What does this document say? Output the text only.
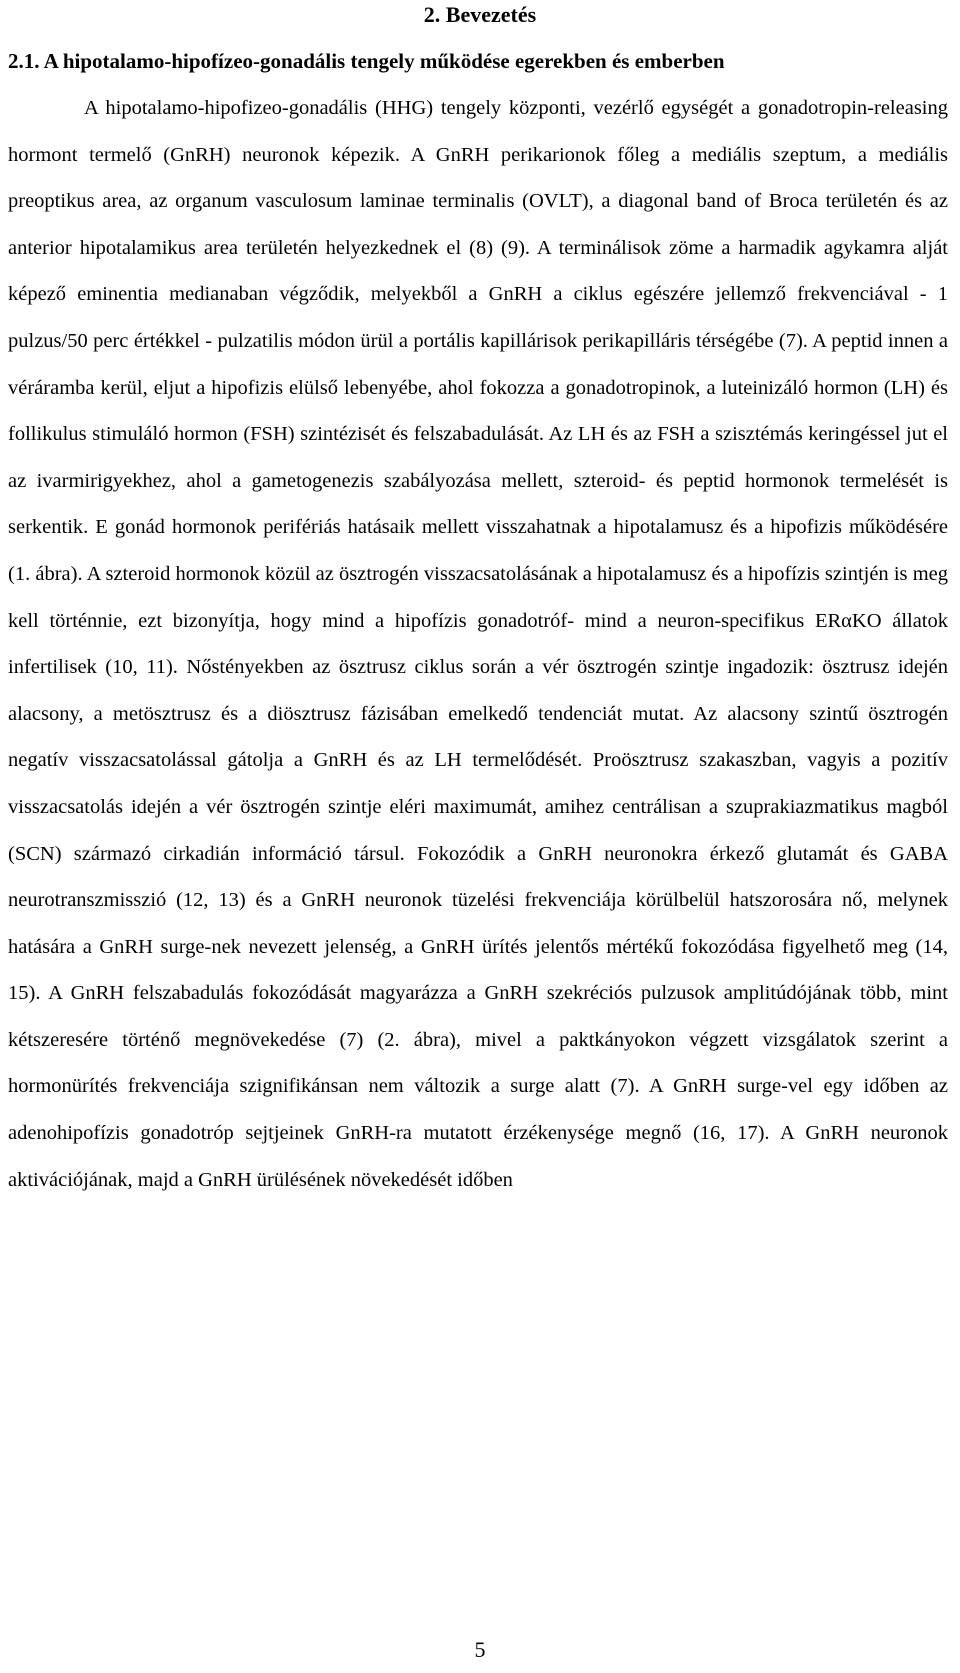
2. Bevezetés
2.1. A hipotalamo-hipofízeo-gonadális tengely működése egerekben és emberben

A hipotalamo-hipofizeo-gonadális (HHG) tengely központi, vezérlő egységét a gonadotropin-releasing hormont termelő (GnRH) neuronok képezik. A GnRH perikarionok főleg a mediális szeptum, a mediális preoptikus area, az organum vasculosum laminae terminalis (OVLT), a diagonal band of Broca területén és az anterior hipotalamikus area területén helyezkednek el (8) (9). A terminálisok zöme a harmadik agykamra alját képező eminentia medianaban végződik, melyekből a GnRH a ciklus egészére jellemző frekvenciával - 1 pulzus/50 perc értékkel - pulzatilis módon ürül a portális kapillárisok perikapilláris térségébe (7). A peptid innen a véráramba kerül, eljut a hipofizis elülső lebenyébe, ahol fokozza a gonadotropinok, a luteinizáló hormon (LH) és follikulus stimuláló hormon (FSH) szintézisét és felszabadulását. Az LH és az FSH a szisztémás keringéssel jut el az ivarmirigyekhez, ahol a gametogenezis szabályozása mellett, szteroid- és peptid hormonok termelését is serkentik. E gonád hormonok perifériás hatásaik mellett visszahatnak a hipotalamusz és a hipofizis működésére (1. ábra). A szteroid hormonok közül az ösztrogén visszacsatolásának a hipotalamusz és a hipofízis szintjén is meg kell történnie, ezt bizonyítja, hogy mind a hipofízis gonadotróf- mind a neuron-specifikus ERαKO állatok infertilisek (10, 11). Nőstényekben az ösztrusz ciklus során a vér ösztrogén szintje ingadozik: ösztrusz idején alacsony, a metösztrusz és a diösztrusz fázisában emelkedő tendenciát mutat. Az alacsony szintű ösztrogén negatív visszacsatolással gátolja a GnRH és az LH termelődését. Proösztrusz szakaszban, vagyis a pozitív visszacsatolás idején a vér ösztrogén szintje eléri maximumát, amihez centrálisan a szuprakiazmatikus magból (SCN) származó cirkadián információ társul. Fokozódik a GnRH neuronokra érkező glutamát és GABA neurotranszmisszió (12, 13) és a GnRH neuronok tüzelési frekvenciája körülbelül hatszorosára nő, melynek hatására a GnRH surge-nek nevezett jelenség, a GnRH ürítés jelentős mértékű fokozódása figyelhető meg (14, 15). A GnRH felszabadulás fokozódását magyarázza a GnRH szekréciós pulzusok amplitúdójának több, mint kétszeresére történő megnövekedése (7) (2. ábra), mivel a paktkányokon végzett vizsgálatok szerint a hormonürítés frekvenciája szignifikánsan nem változik a surge alatt (7). A GnRH surge-vel egy időben az adenohipofízis gonadotróp sejtjeinek GnRH-ra mutatott érzékenysége megnő (16, 17). A GnRH neuronok aktivációjának, majd a GnRH ürülésének növekedését időben

5
